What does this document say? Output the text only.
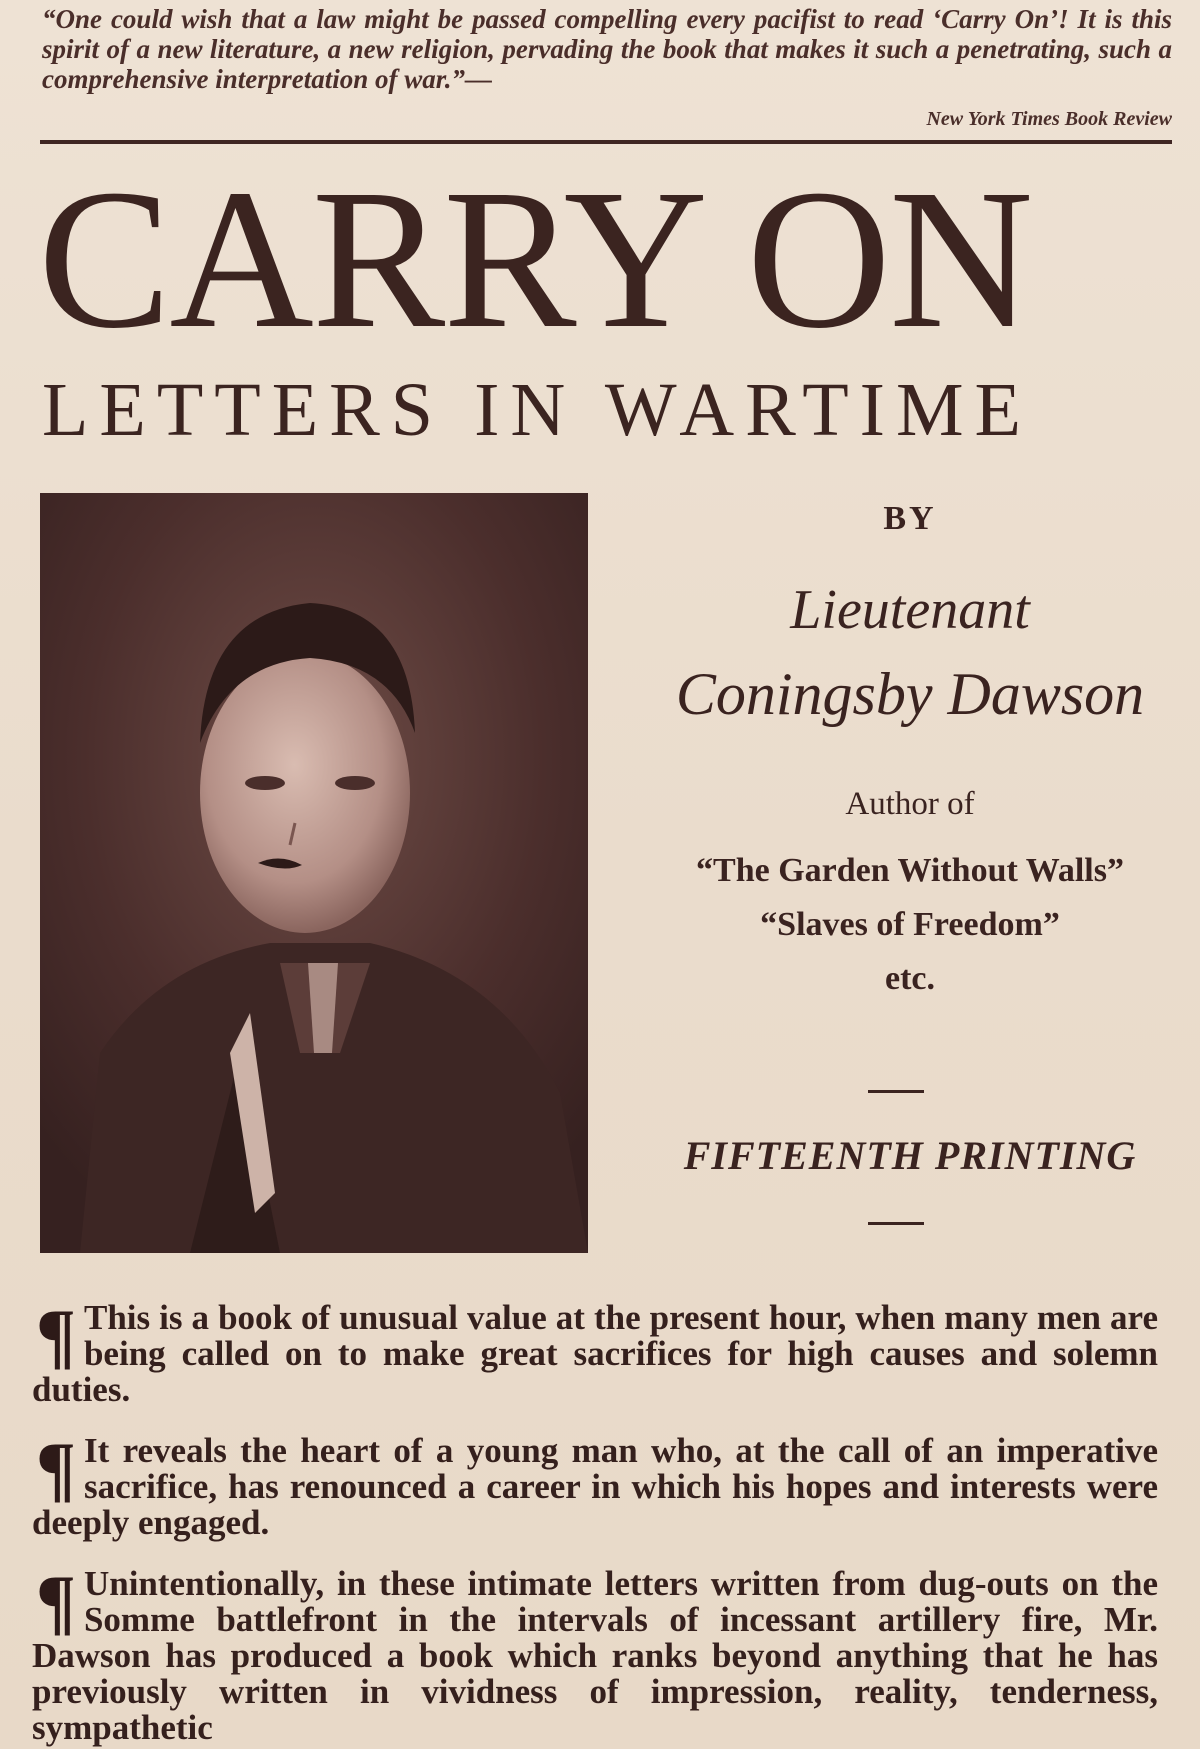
“One could wish that a law might be passed compelling every pacifist to read ‘Carry On’! It is this spirit of a new literature, a new religion, pervading the book that makes it such a penetrating, such a comprehensive interpretation of war.”—
New York Times Book Review
CARRY ON
LETTERS IN WARTIME
BY
Lieutenant
Coningsby Dawson
Author of
“The Garden Without Walls”
“Slaves of Freedom”
etc.
FIFTEENTH PRINTING
¶ This is a book of unusual value at the present hour, when many men are being called on to make great sacrifices for high causes and solemn duties.
¶ It reveals the heart of a young man who, at the call of an imperative sacrifice, has renounced a career in which his hopes and interests were deeply engaged.
¶ Unintentionally, in these intimate letters written from dug-outs on the Somme battlefront in the intervals of incessant artillery fire, Mr. Dawson has produced a book which ranks beyond anything that he has previously written in vividness of impression, reality, tenderness, sympathetic
